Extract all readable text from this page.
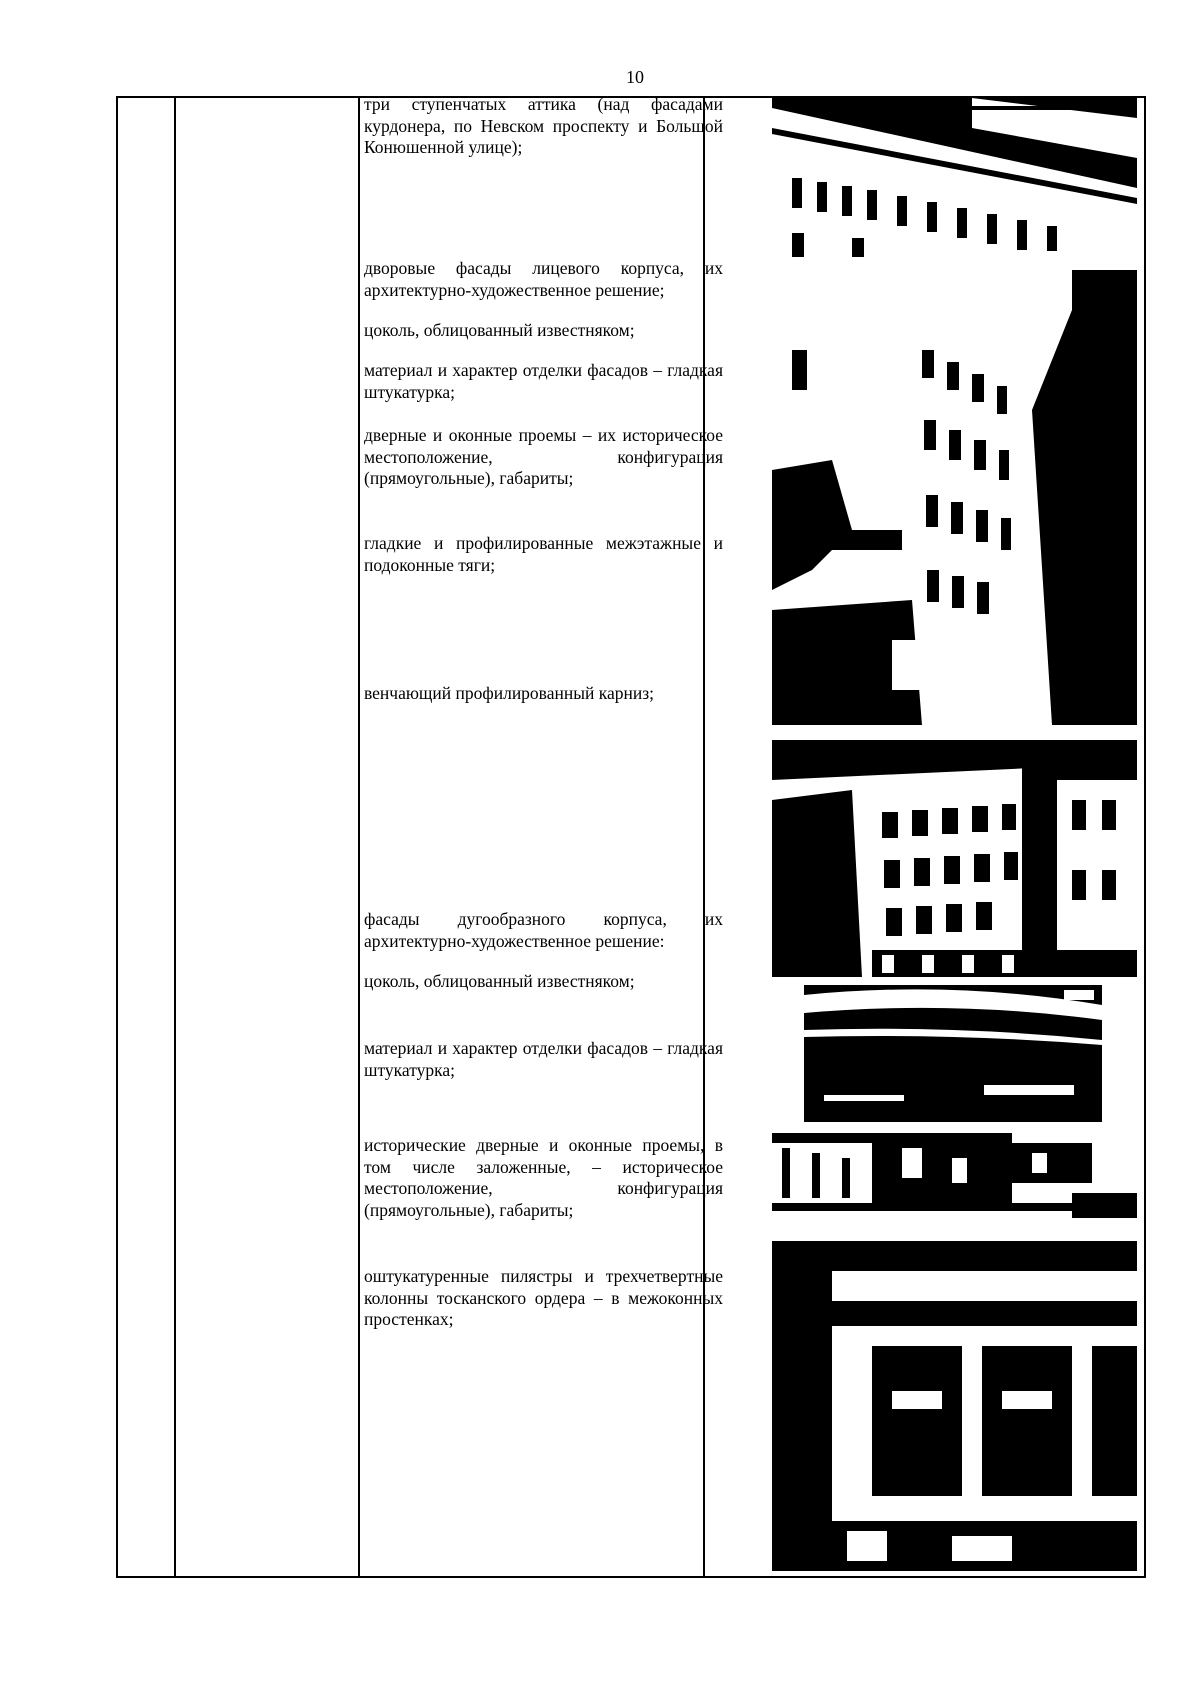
10
три ступенчатых аттика (над фасадами курдонера, по Невском проспекту и Большой Конюшенной улице);
дворовые фасады лицевого корпуса, их архитектурно-художественное решение;
цоколь, облицованный известняком;
материал и характер отделки фасадов – гладкая штукатурка;
дверные и оконные проемы – их историческое местоположение, конфигурация (прямоугольные), габариты;
гладкие и профилированные межэтажные и подоконные тяги;
венчающий профилированный карниз;
фасады дугообразного корпуса, их архитектурно-художественное решение:
цоколь, облицованный известняком;
материал и характер отделки фасадов – гладкая штукатурка;
исторические дверные и оконные проемы, в том числе заложенные, – историческое местоположение, конфигурация (прямоугольные), габариты;
оштукатуренные пилястры и трехчетвертные колонны тосканского ордера – в межоконных простенках;
